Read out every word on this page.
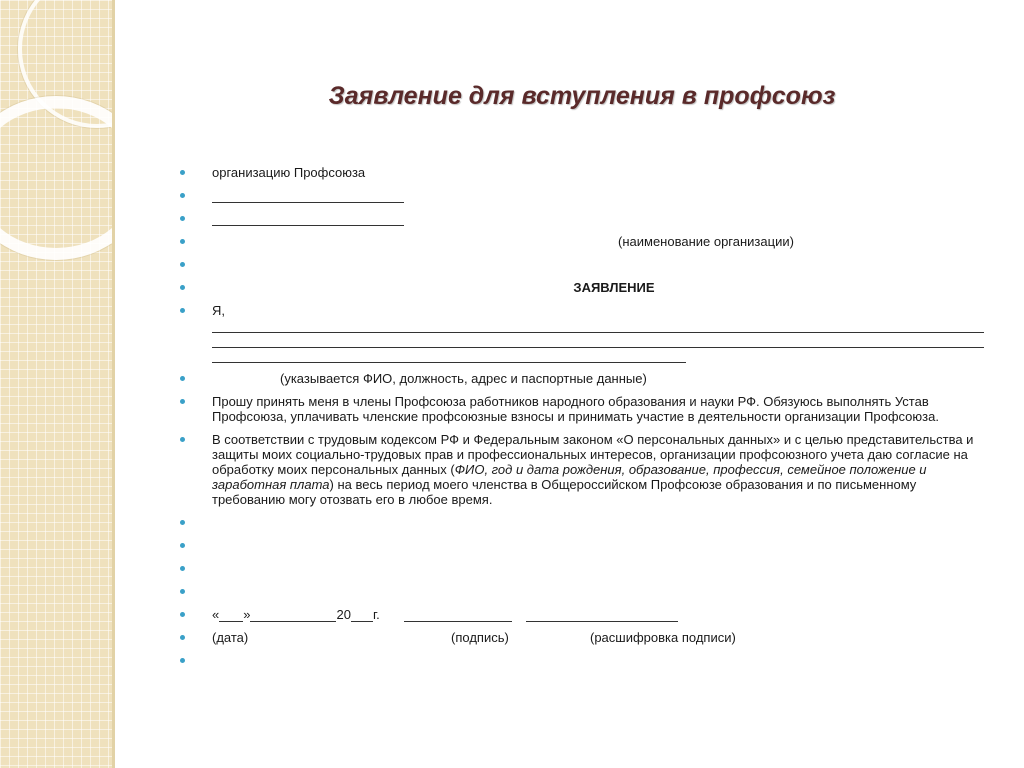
Заявление для вступления в профсоюз
организацию Профсоюза
(наименование организации)
ЗАЯВЛЕНИЕ
Я,
(указывается ФИО, должность, адрес и паспортные данные)
Прошу принять меня в члены Профсоюза работников народного образования и науки РФ. Обязуюсь выполнять Устав Профсоюза, уплачивать членские профсоюзные взносы и принимать участие в деятельности организации Профсоюза.
В соответствии с трудовым кодексом РФ и Федеральным законом «О персональных данных» и с целью представительства и защиты моих социально-трудовых прав и профессиональных интересов, организации профсоюзного учета даю согласие на обработку моих персональных данных (ФИО, год и дата рождения, образование, профессия, семейное положение и заработная плата) на весь период моего членства в Общероссийском Профсоюзе образования и по письменному требованию могу отозвать его в любое время.
« »	20 г.
(дата)	(подпись)	(расшифровка подписи)
